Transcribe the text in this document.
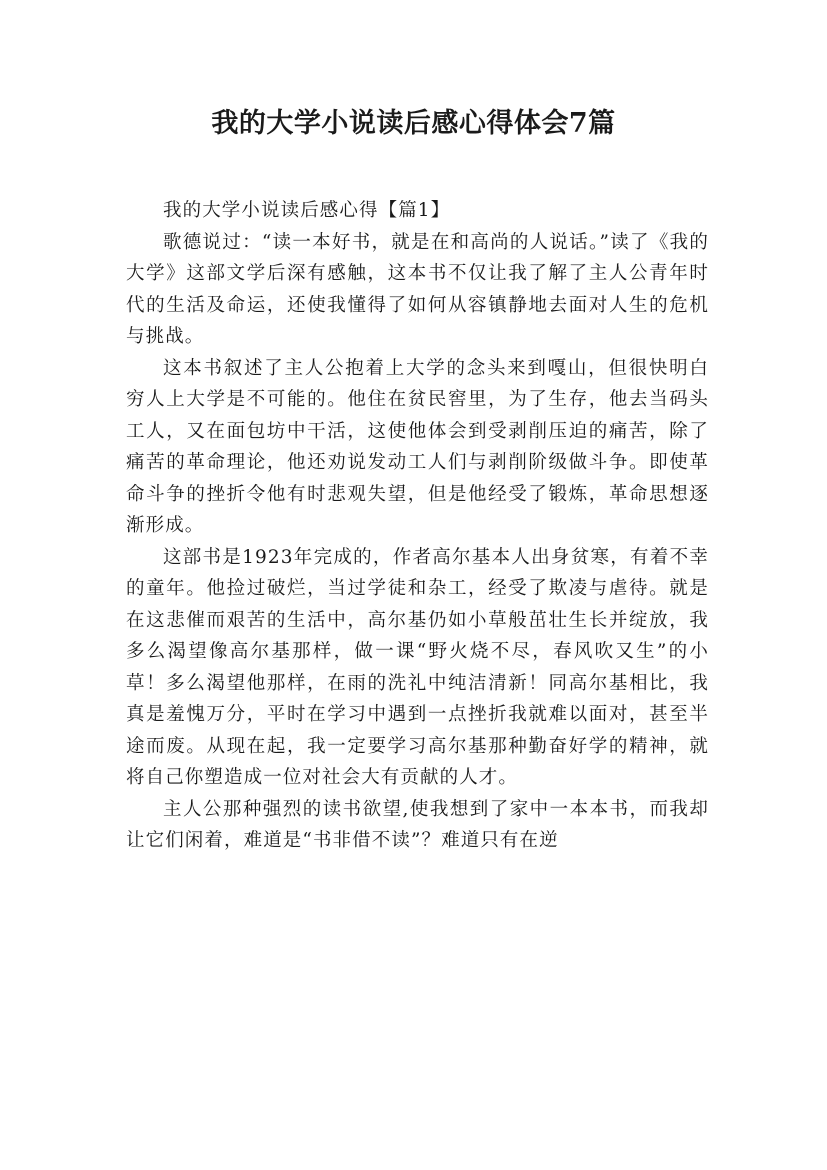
我的大学小说读后感心得体会7篇

我的大学小说读后感心得【篇1】

歌德说过：“读一本好书，就是在和高尚的人说话。”读了《我的大学》这部文学后深有感触，这本书不仅让我了解了主人公青年时代的生活及命运，还使我懂得了如何从容镇静地去面对人生的危机与挑战。

这本书叙述了主人公抱着上大学的念头来到嘎山，但很快明白穷人上大学是不可能的。他住在贫民窖里，为了生存，他去当码头工人，又在面包坊中干活，这使他体会到受剥削压迫的痛苦，除了痛苦的革命理论，他还劝说发动工人们与剥削阶级做斗争。即使革命斗争的挫折令他有时悲观失望，但是他经受了锻炼，革命思想逐渐形成。

这部书是1923年完成的，作者高尔基本人出身贫寒，有着不幸的童年。他捡过破烂，当过学徒和杂工，经受了欺凌与虐待。就是在这悲催而艰苦的生活中，高尔基仍如小草般茁壮生长并绽放，我多么渴望像高尔基那样，做一课“野火烧不尽，春风吹又生”的小草！多么渴望他那样，在雨的洗礼中纯洁清新！同高尔基相比，我真是羞愧万分，平时在学习中遇到一点挫折我就难以面对，甚至半途而废。从现在起，我一定要学习高尔基那种勤奋好学的精神，就将自己你塑造成一位对社会大有贡献的人才。

主人公那种强烈的读书欲望,使我想到了家中一本本书，而我却让它们闲着，难道是“书非借不读”？难道只有在逆
